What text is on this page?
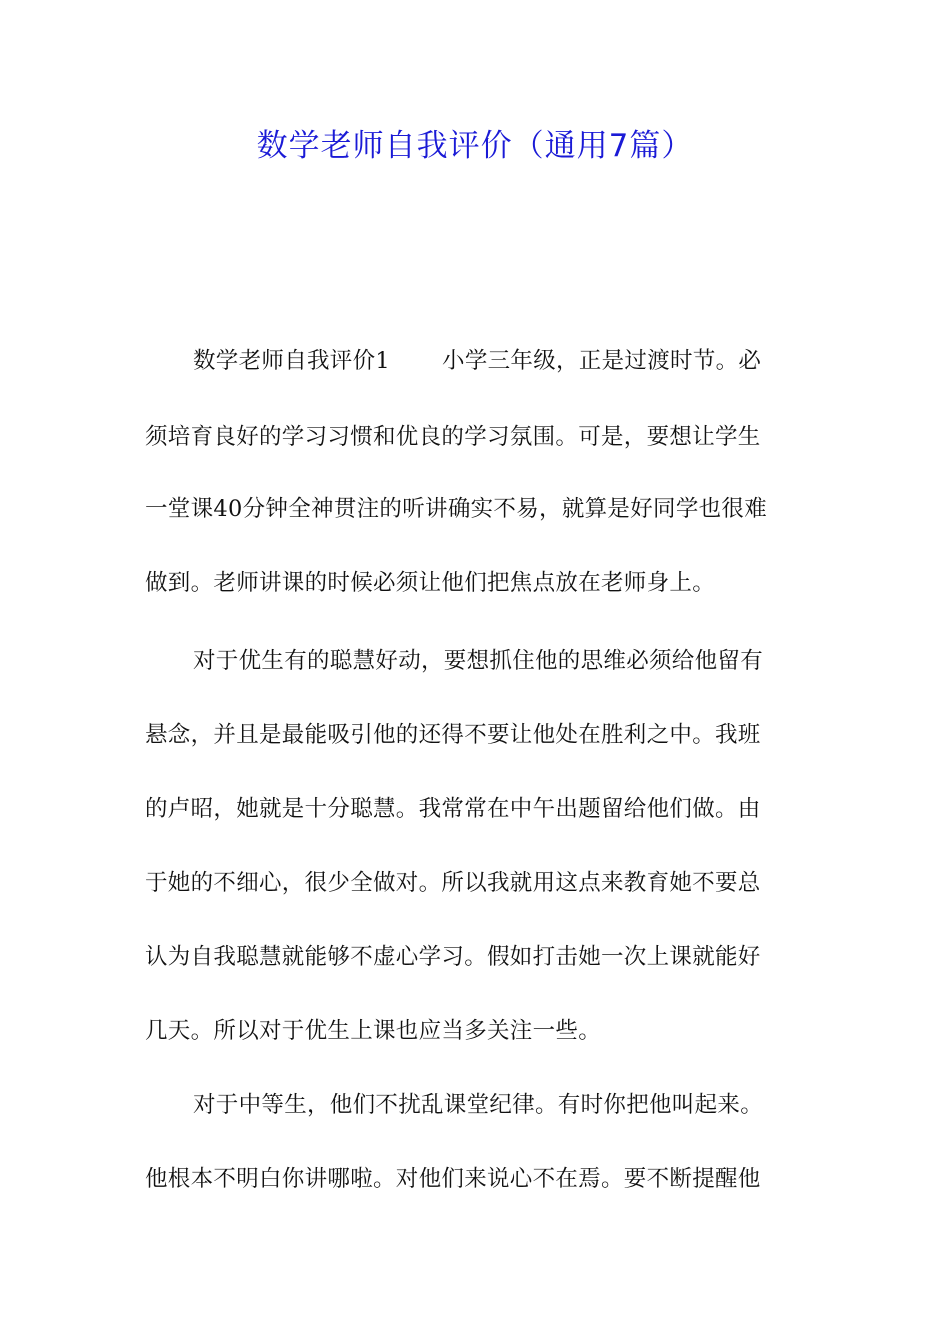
数学老师自我评价（通用7篇）
数学老师自我评价1 小学三年级，正是过渡时节。必
须培育良好的学习习惯和优良的学习氛围。可是，要想让学生
一堂课40分钟全神贯注的听讲确实不易，就算是好同学也很难
做到。老师讲课的时候必须让他们把焦点放在老师身上。
对于优生有的聪慧好动，要想抓住他的思维必须给他留有
悬念，并且是最能吸引他的还得不要让他处在胜利之中。我班
的卢昭，她就是十分聪慧。我常常在中午出题留给他们做。由
于她的不细心，很少全做对。所以我就用这点来教育她不要总
认为自我聪慧就能够不虚心学习。假如打击她一次上课就能好
几天。所以对于优生上课也应当多关注一些。
对于中等生，他们不扰乱课堂纪律。有时你把他叫起来。
他根本不明白你讲哪啦。对他们来说心不在焉。要不断提醒他
